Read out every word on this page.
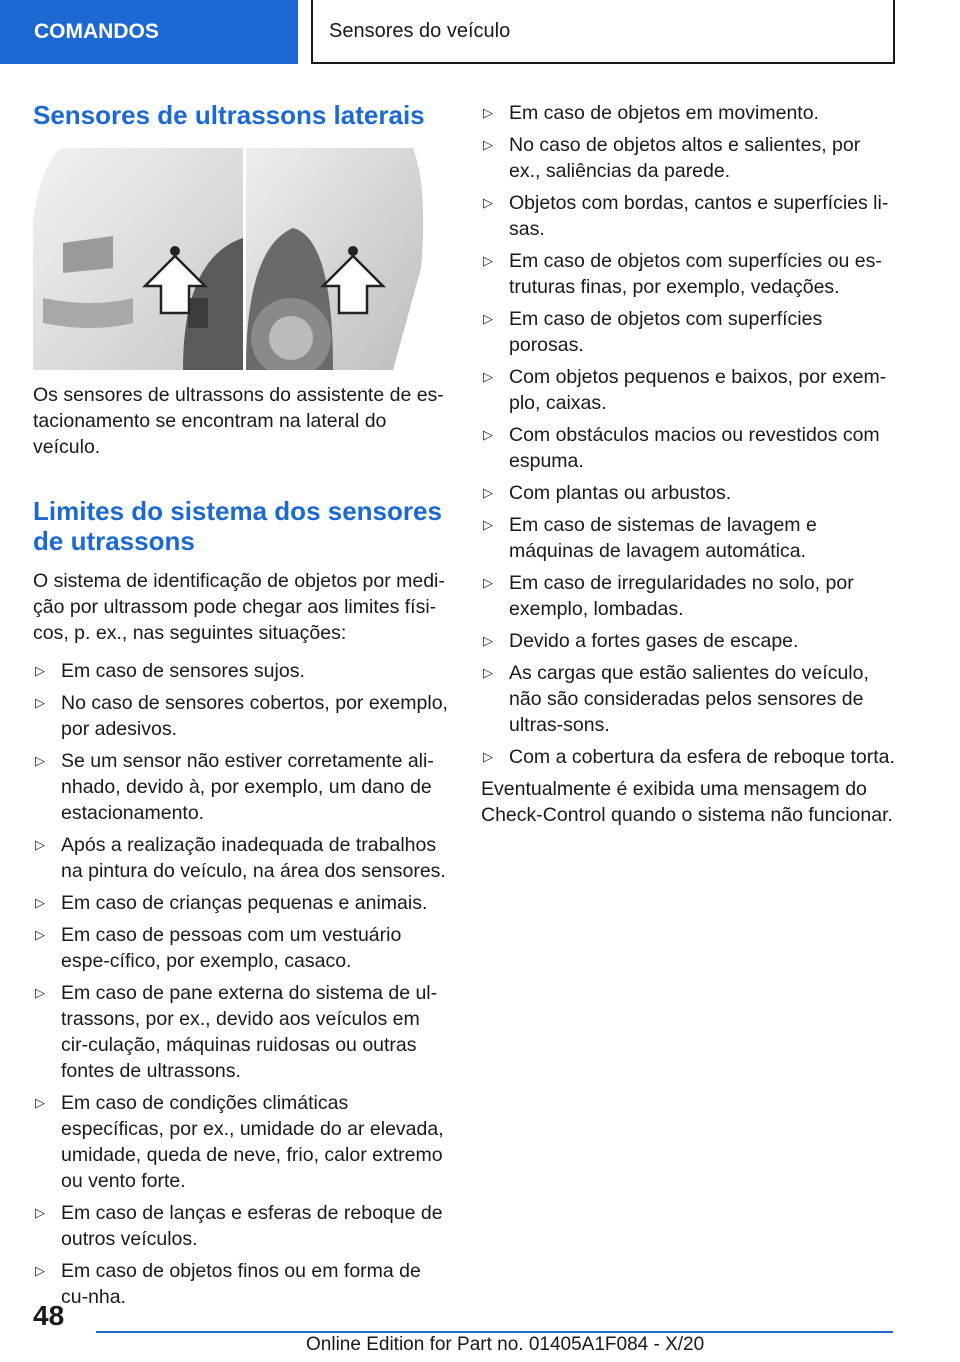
COMANDOS	Sensores do veículo
Sensores de ultrassons laterais

Os sensores de ultrassons do assistente de es-tacionamento se encontram na lateral do veículo.

Limites do sistema dos sensores de utrassons

O sistema de identificação de objetos por medi-ção por ultrassom pode chegar aos limites físi-cos, p. ex., nas seguintes situações:

▷ Em caso de sensores sujos.
▷ No caso de sensores cobertos, por exemplo, por adesivos.
▷ Se um sensor não estiver corretamente ali-nhado, devido à, por exemplo, um dano de estacionamento.
▷ Após a realização inadequada de trabalhos na pintura do veículo, na área dos sensores.
▷ Em caso de crianças pequenas e animais.
▷ Em caso de pessoas com um vestuário espe-cífico, por exemplo, casaco.
▷ Em caso de pane externa do sistema de ul-trassons, por ex., devido aos veículos em cir-culação, máquinas ruidosas ou outras fontes de ultrassons.
▷ Em caso de condições climáticas específicas, por ex., umidade do ar elevada, umidade, queda de neve, frio, calor extremo ou vento forte.
▷ Em caso de lanças e esferas de reboque de outros veículos.
▷ Em caso de objetos finos ou em forma de cu-nha.
▷ Em caso de objetos em movimento.
▷ No caso de objetos altos e salientes, por ex., saliências da parede.
▷ Objetos com bordas, cantos e superfícies li-sas.
▷ Em caso de objetos com superfícies ou es-truturas finas, por exemplo, vedações.
▷ Em caso de objetos com superfícies porosas.
▷ Com objetos pequenos e baixos, por exem-plo, caixas.
▷ Com obstáculos macios ou revestidos com espuma.
▷ Com plantas ou arbustos.
▷ Em caso de sistemas de lavagem e máquinas de lavagem automática.
▷ Em caso de irregularidades no solo, por exemplo, lombadas.
▷ Devido a fortes gases de escape.
▷ As cargas que estão salientes do veículo, não são consideradas pelos sensores de ultras-sons.
▷ Com a cobertura da esfera de reboque torta.

Eventualmente é exibida uma mensagem do Check-Control quando o sistema não funcionar.

48
Online Edition for Part no. 01405A1F084 - X/20
